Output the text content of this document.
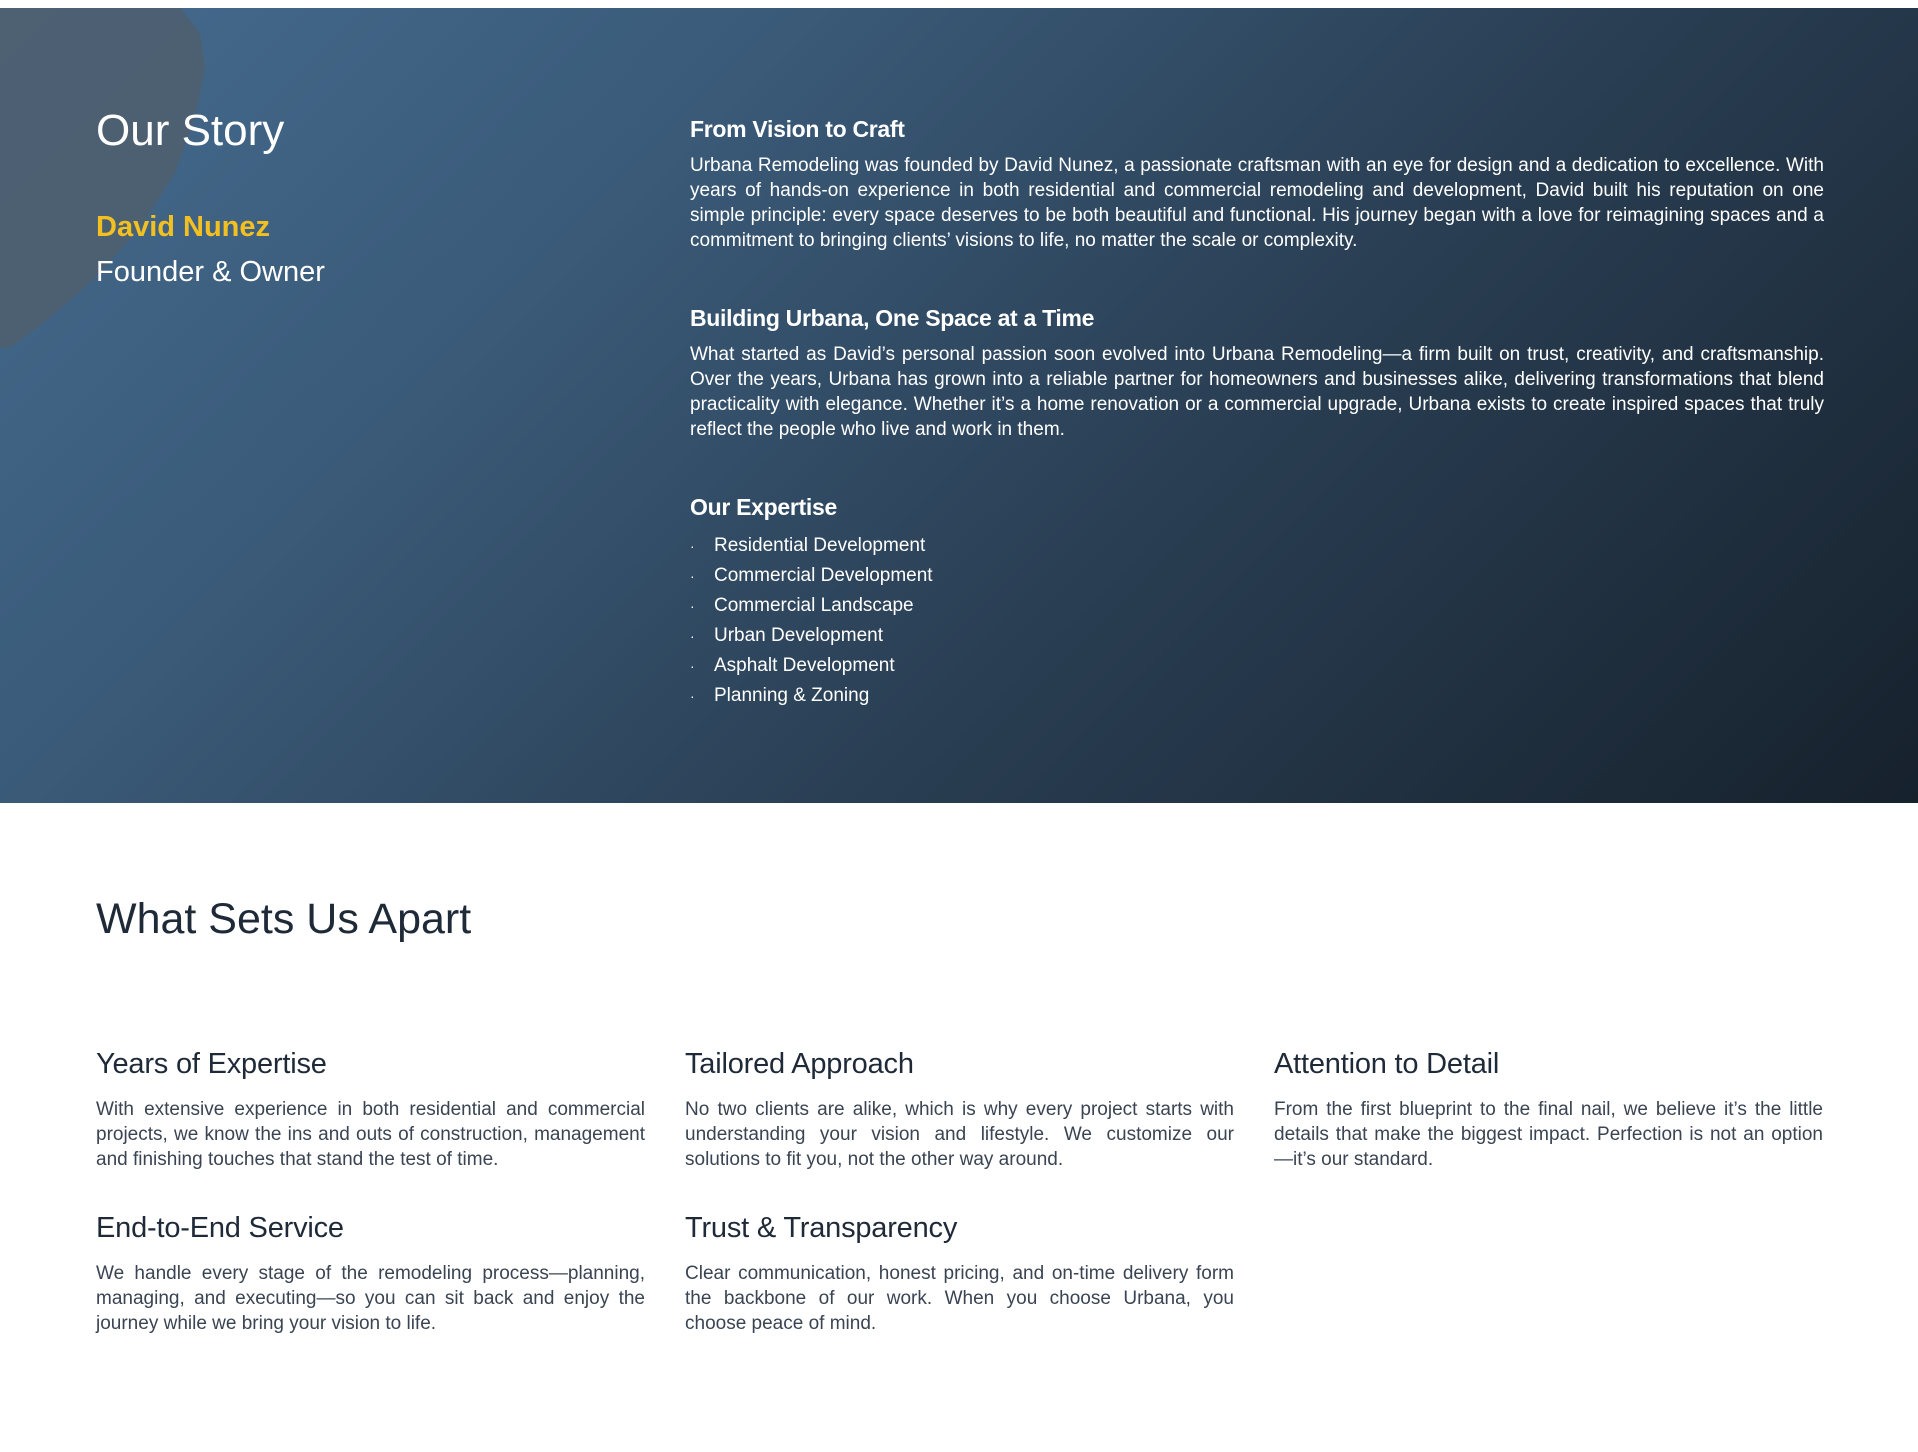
Our Story
David Nunez
Founder & Owner
From Vision to Craft

Urbana Remodeling was founded by David Nunez, a passionate craftsman with an eye for design and a dedication to excellence. With years of hands-on experience in both residential and commercial remodeling and development, David built his reputation on one simple principle: every space deserves to be both beautiful and functional. His journey began with a love for reimagining spaces and a commitment to bringing clients’ visions to life, no matter the scale or complexity.

Building Urbana, One Space at a Time

What started as David’s personal passion soon evolved into Urbana Remodeling—a firm built on trust, creativity, and craftsmanship. Over the years, Urbana has grown into a reliable partner for homeowners and businesses alike, delivering transformations that blend practicality with elegance. Whether it’s a home renovation or a commercial upgrade, Urbana exists to create inspired spaces that truly reflect the people who live and work in them.

Our Expertise
·	Residential Development
·	Commercial Development
·	Commercial Landscape
·	Urban Development
·	Asphalt Development
·	Planning & Zoning
What Sets Us Apart
Years of Expertise

With extensive experience in both residential and commercial projects, we know the ins and outs of construction, management and finishing touches that stand the test of time.

Tailored Approach

No two clients are alike, which is why every project starts with understanding your vision and lifestyle. We customize our solutions to fit you, not the other way around.

Attention to Detail

From the first blueprint to the final nail, we believe it’s the little details that make the biggest impact. Perfection is not an option—it’s our standard.

End-to-End Service

We handle every stage of the remodeling process—planning, managing, and executing—so you can sit back and enjoy the journey while we bring your vision to life.

Trust & Transparency

Clear communication, honest pricing, and on-time delivery form the backbone of our work. When you choose Urbana, you choose peace of mind.
